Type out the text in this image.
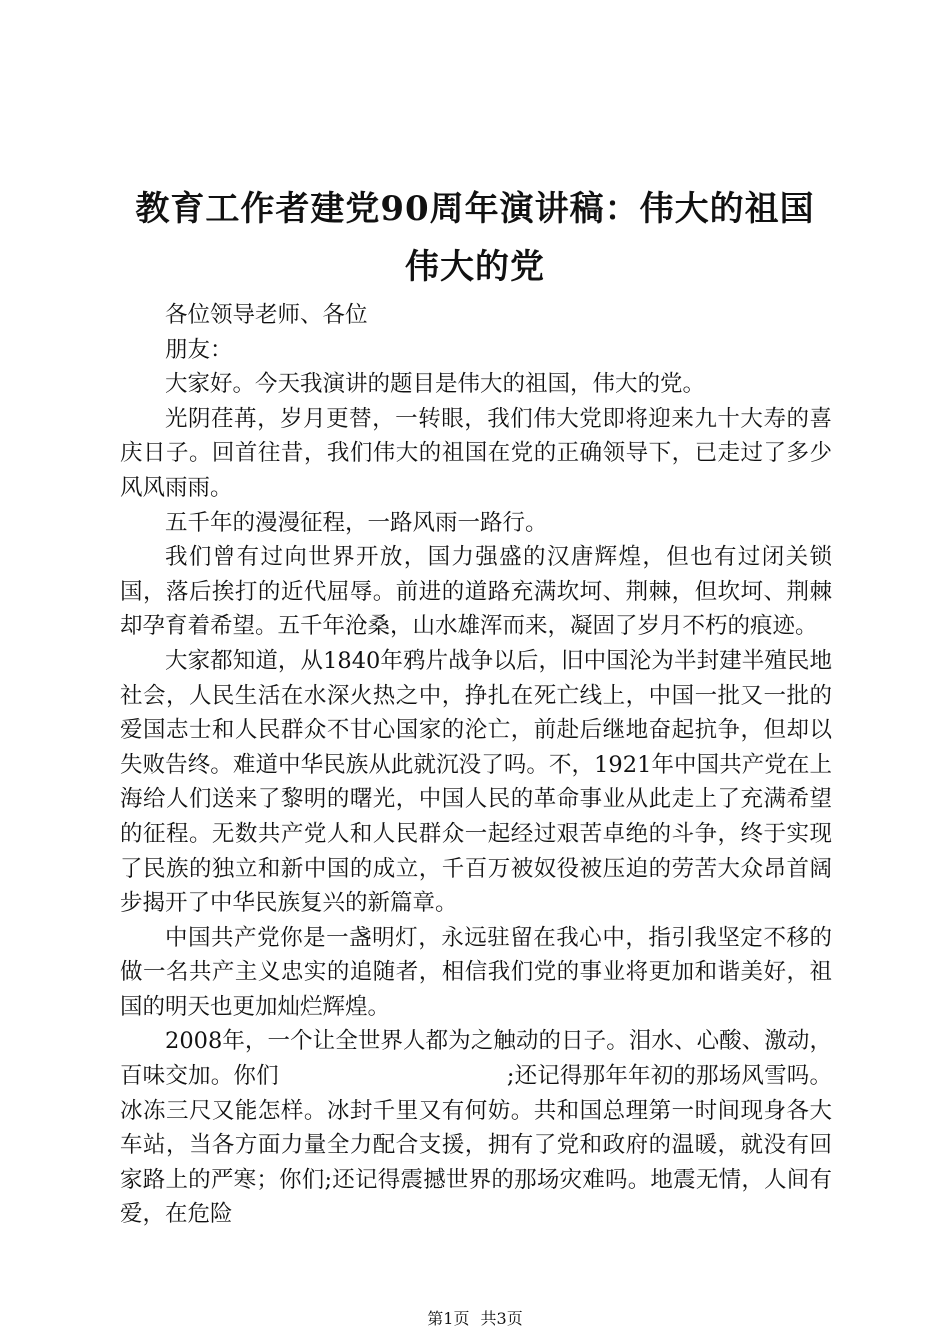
教育工作者建党90周年演讲稿：伟大的祖国
伟大的党

各位领导老师、各位

朋友：

大家好。今天我演讲的题目是伟大的祖国，伟大的党。

光阴荏苒，岁月更替，一转眼，我们伟大党即将迎来九十大寿的喜庆日子。回首往昔，我们伟大的祖国在党的正确领导下，已走过了多少风风雨雨。

五千年的漫漫征程，一路风雨一路行。

我们曾有过向世界开放，国力强盛的汉唐辉煌，但也有过闭关锁国，落后挨打的近代屈辱。前进的道路充满坎坷、荆棘，但坎坷、荆棘却孕育着希望。五千年沧桑，山水雄浑而来，凝固了岁月不朽的痕迹。

大家都知道，从1840年鸦片战争以后，旧中国沦为半封建半殖民地社会，人民生活在水深火热之中，挣扎在死亡线上，中国一批又一批的爱国志士和人民群众不甘心国家的沦亡，前赴后继地奋起抗争，但却以失败告终。难道中华民族从此就沉没了吗。不，1921年中国共产党在上海给人们送来了黎明的曙光，中国人民的革命事业从此走上了充满希望的征程。无数共产党人和人民群众一起经过艰苦卓绝的斗争，终于实现了民族的独立和新中国的成立，千百万被奴役被压迫的劳苦大众昂首阔步揭开了中华民族复兴的新篇章。

中国共产党你是一盏明灯，永远驻留在我心中，指引我坚定不移的做一名共产主义忠实的追随者，相信我们党的事业将更加和谐美好，祖国的明天也更加灿烂辉煌。

2008年，一个让全世界人都为之触动的日子。泪水、心酸、激动，百味交加。你们	;还记得那年年初的那场风雪吗。冰冻三尺又能怎样。冰封千里又有何妨。共和国总理第一时间现身各大车站，当各方面力量全力配合支援，拥有了党和政府的温暖，就没有回家路上的严寒；你们;还记得震撼世界的那场灾难吗。地震无情，人间有爱，在危险

第1页 共3页
